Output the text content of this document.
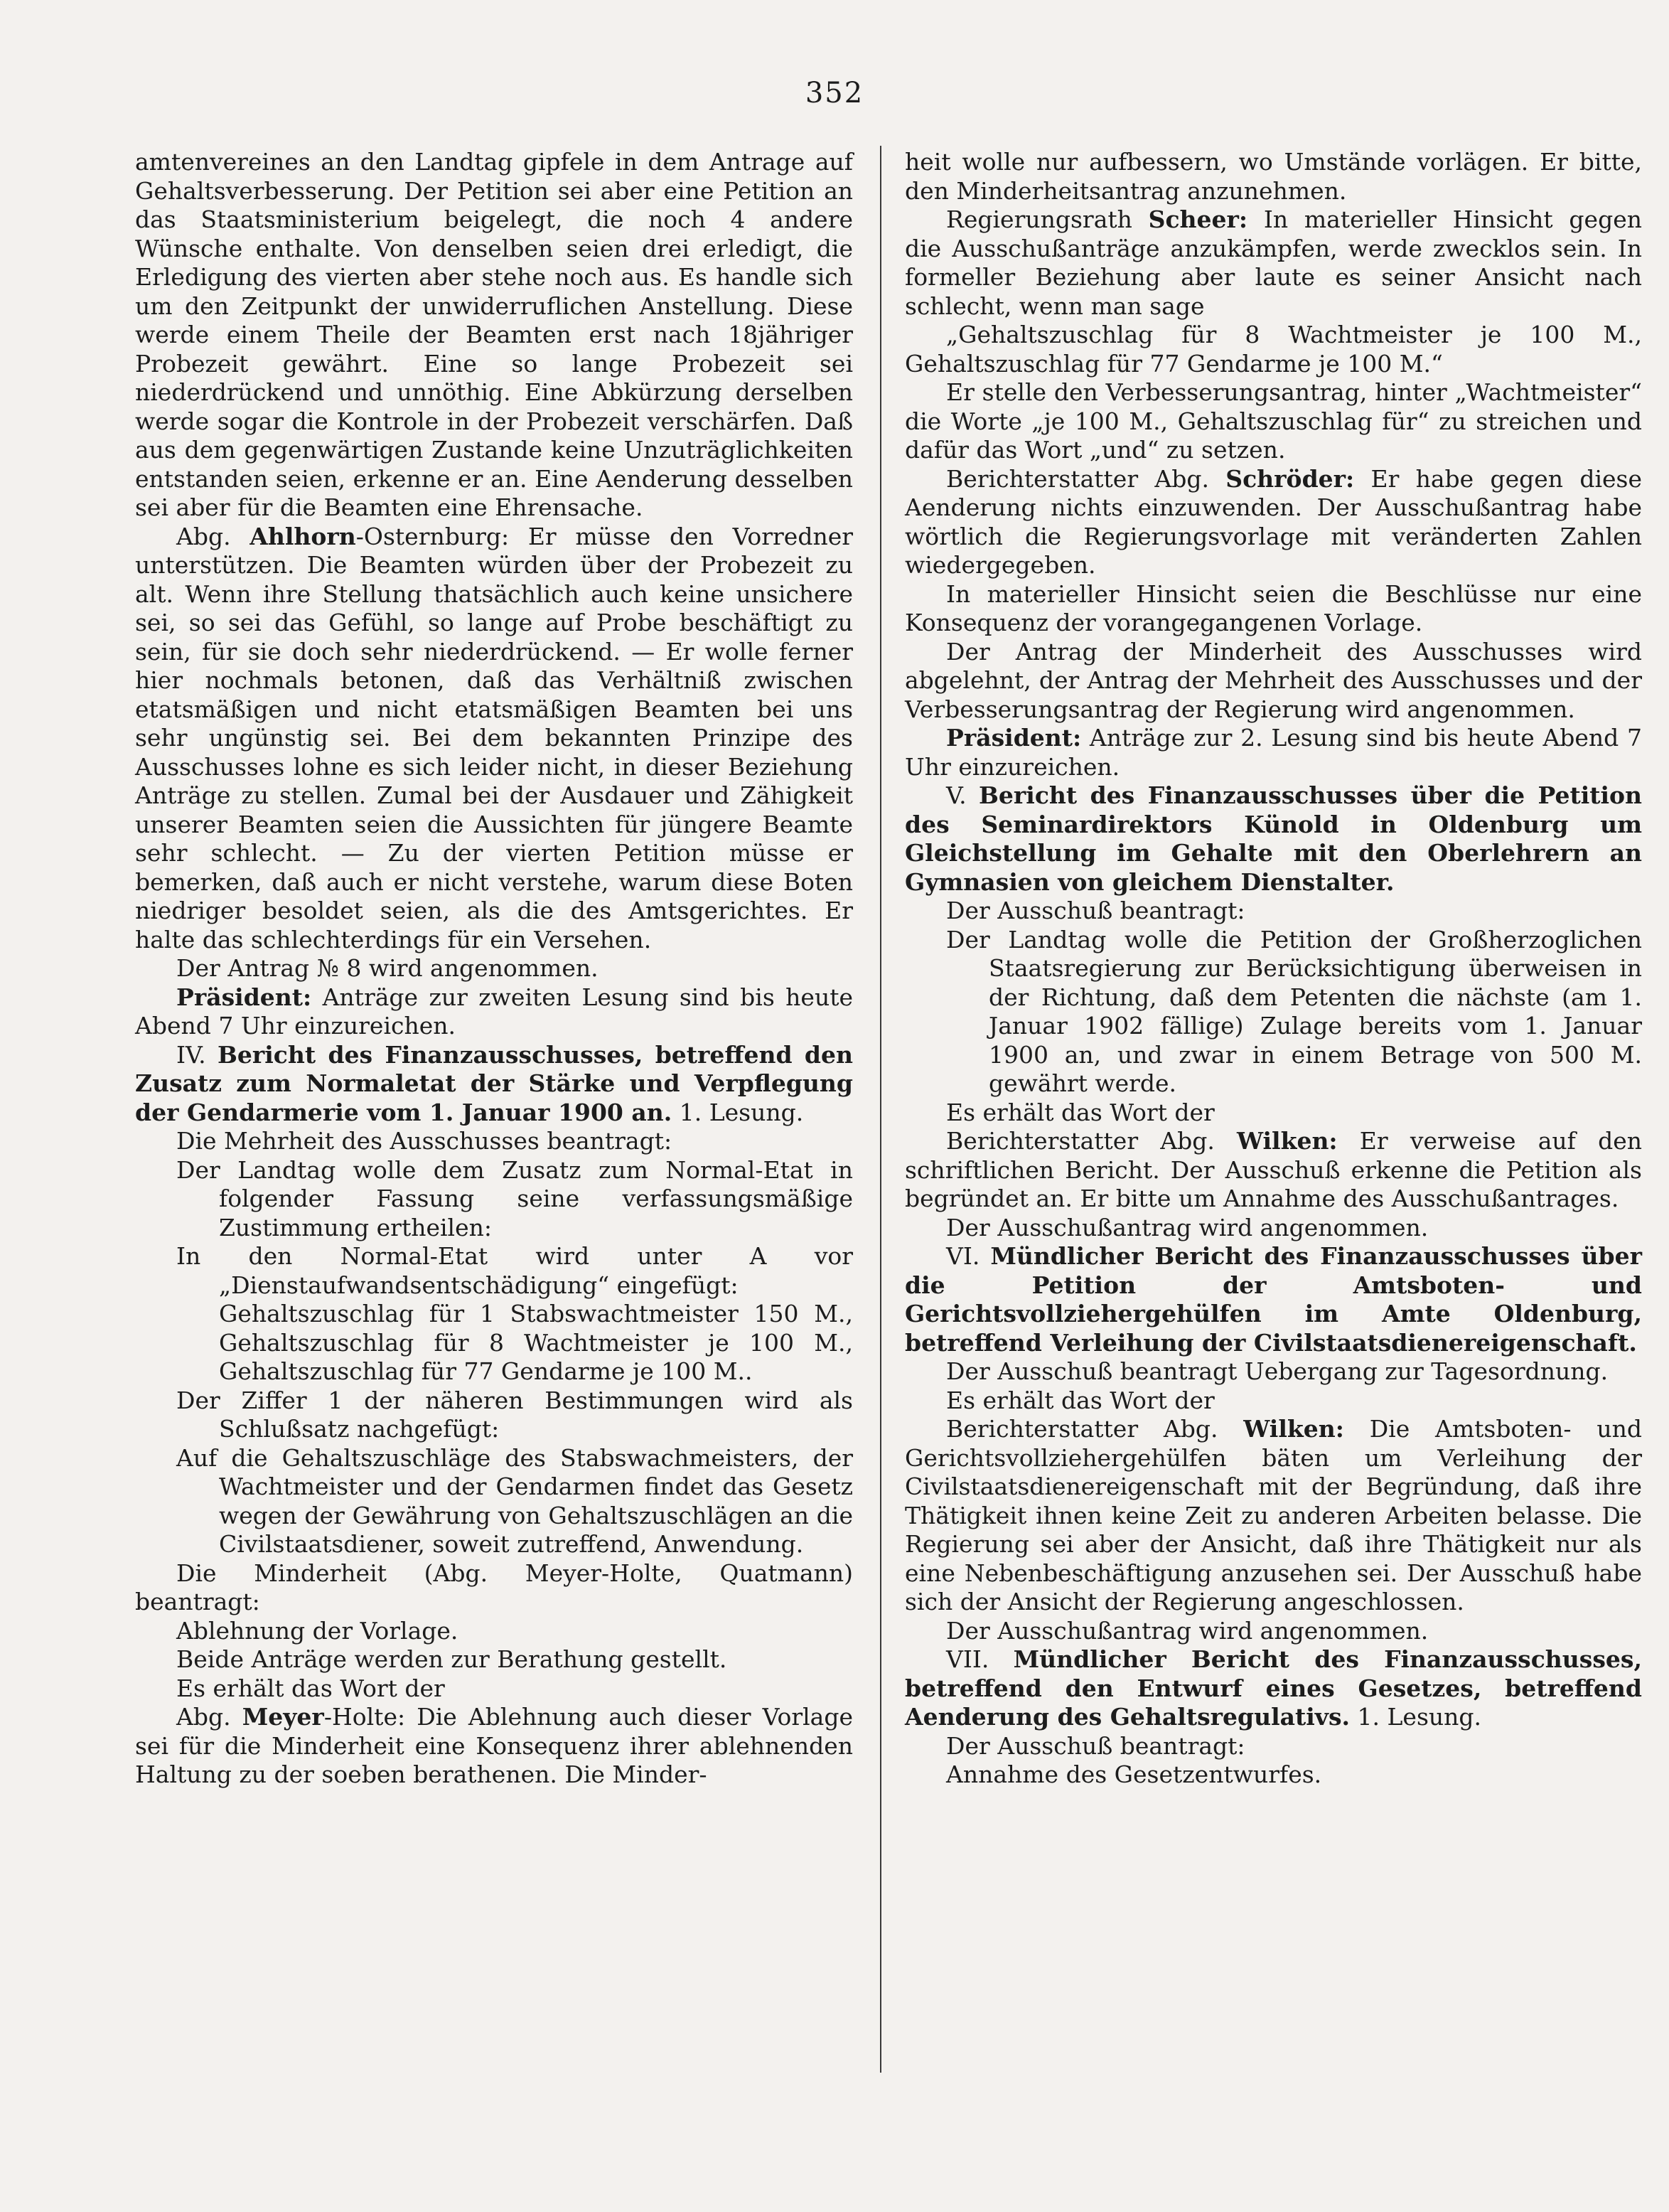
352

amtenvereines an den Landtag gipfele in dem Antrage auf Gehaltsverbesserung. Der Petition sei aber eine Petition an das Staatsministerium beigelegt, die noch 4 andere Wünsche enthalte. Von denselben seien drei erledigt, die Erledigung des vierten aber stehe noch aus. Es handle sich um den Zeitpunkt der unwiderruflichen Anstellung. Diese werde einem Theile der Beamten erst nach 18jähriger Probezeit gewährt. Eine so lange Probezeit sei niederdrückend und unnöthig. Eine Abkürzung derselben werde sogar die Kontrole in der Probezeit verschärfen. Daß aus dem gegenwärtigen Zustande keine Unzuträglichkeiten entstanden seien, erkenne er an. Eine Aenderung desselben sei aber für die Beamten eine Ehrensache.

Abg. Ahlhorn-Osternburg: Er müsse den Vorredner unterstützen. Die Beamten würden über der Probezeit zu alt. Wenn ihre Stellung thatsächlich auch keine unsichere sei, so sei das Gefühl, so lange auf Probe beschäftigt zu sein, für sie doch sehr niederdrückend. — Er wolle ferner hier nochmals betonen, daß das Verhältniß zwischen etatsmäßigen und nicht etatsmäßigen Beamten bei uns sehr ungünstig sei. Bei dem bekannten Prinzipe des Ausschusses lohne es sich leider nicht, in dieser Beziehung Anträge zu stellen. Zumal bei der Ausdauer und Zähigkeit unserer Beamten seien die Aussichten für jüngere Beamte sehr schlecht. — Zu der vierten Petition müsse er bemerken, daß auch er nicht verstehe, warum diese Boten niedriger besoldet seien, als die des Amtsgerichtes. Er halte das schlechterdings für ein Versehen.

Der Antrag № 8 wird angenommen.

Präsident: Anträge zur zweiten Lesung sind bis heute Abend 7 Uhr einzureichen.

IV. Bericht des Finanzausschusses, betreffend den Zusatz zum Normaletat der Stärke und Verpflegung der Gendarmerie vom 1. Januar 1900 an. 1. Lesung.

Die Mehrheit des Ausschusses beantragt:

Der Landtag wolle dem Zusatz zum Normal-Etat in folgender Fassung seine verfassungsmäßige Zustimmung ertheilen:

In den Normal-Etat wird unter A vor „Dienstaufwandsentschädigung“ eingefügt:

Gehaltszuschlag für 1 Stabswachtmeister 150 M., Gehaltszuschlag für 8 Wachtmeister je 100 M., Gehaltszuschlag für 77 Gendarme je 100 M..

Der Ziffer 1 der näheren Bestimmungen wird als Schlußsatz nachgefügt:

Auf die Gehaltszuschläge des Stabswachmeisters, der Wachtmeister und der Gendarmen findet das Gesetz wegen der Gewährung von Gehaltszuschlägen an die Civilstaatsdiener, soweit zutreffend, Anwendung.

Die Minderheit (Abg. Meyer-Holte, Quatmann) beantragt:

Ablehnung der Vorlage.

Beide Anträge werden zur Berathung gestellt.

Es erhält das Wort der

Abg. Meyer-Holte: Die Ablehnung auch dieser Vorlage sei für die Minderheit eine Konsequenz ihrer ablehnenden Haltung zu der soeben berathenen. Die Minder-

heit wolle nur aufbessern, wo Umstände vorlägen. Er bitte, den Minderheitsantrag anzunehmen.

Regierungsrath Scheer: In materieller Hinsicht gegen die Ausschußanträge anzukämpfen, werde zwecklos sein. In formeller Beziehung aber laute es seiner Ansicht nach schlecht, wenn man sage

„Gehaltszuschlag für 8 Wachtmeister je 100 M., Gehaltszuschlag für 77 Gendarme je 100 M.“

Er stelle den Verbesserungsantrag, hinter „Wachtmeister“ die Worte „je 100 M., Gehaltszuschlag für“ zu streichen und dafür das Wort „und“ zu setzen.

Berichterstatter Abg. Schröder: Er habe gegen diese Aenderung nichts einzuwenden. Der Ausschußantrag habe wörtlich die Regierungsvorlage mit veränderten Zahlen wiedergegeben.

In materieller Hinsicht seien die Beschlüsse nur eine Konsequenz der vorangegangenen Vorlage.

Der Antrag der Minderheit des Ausschusses wird abgelehnt, der Antrag der Mehrheit des Ausschusses und der Verbesserungsantrag der Regierung wird angenommen.

Präsident: Anträge zur 2. Lesung sind bis heute Abend 7 Uhr einzureichen.

V. Bericht des Finanzausschusses über die Petition des Seminardirektors Künold in Oldenburg um Gleichstellung im Gehalte mit den Oberlehrern an Gymnasien von gleichem Dienstalter.

Der Ausschuß beantragt:

Der Landtag wolle die Petition der Großherzoglichen Staatsregierung zur Berücksichtigung überweisen in der Richtung, daß dem Petenten die nächste (am 1. Januar 1902 fällige) Zulage bereits vom 1. Januar 1900 an, und zwar in einem Betrage von 500 M. gewährt werde.

Es erhält das Wort der

Berichterstatter Abg. Wilken: Er verweise auf den schriftlichen Bericht. Der Ausschuß erkenne die Petition als begründet an. Er bitte um Annahme des Ausschußantrages.

Der Ausschußantrag wird angenommen.

VI. Mündlicher Bericht des Finanzausschusses über die Petition der Amtsboten- und Gerichtsvollziehergehülfen im Amte Oldenburg, betreffend Verleihung der Civilstaatsdienereigenschaft.

Der Ausschuß beantragt Uebergang zur Tagesordnung.

Es erhält das Wort der

Berichterstatter Abg. Wilken: Die Amtsboten- und Gerichtsvollziehergehülfen bäten um Verleihung der Civilstaatsdienereigenschaft mit der Begründung, daß ihre Thätigkeit ihnen keine Zeit zu anderen Arbeiten belasse. Die Regierung sei aber der Ansicht, daß ihre Thätigkeit nur als eine Nebenbeschäftigung anzusehen sei. Der Ausschuß habe sich der Ansicht der Regierung angeschlossen.

Der Ausschußantrag wird angenommen.

VII. Mündlicher Bericht des Finanzausschusses, betreffend den Entwurf eines Gesetzes, betreffend Aenderung des Gehaltsregulativs. 1. Lesung.

Der Ausschuß beantragt:

Annahme des Gesetzentwurfes.
